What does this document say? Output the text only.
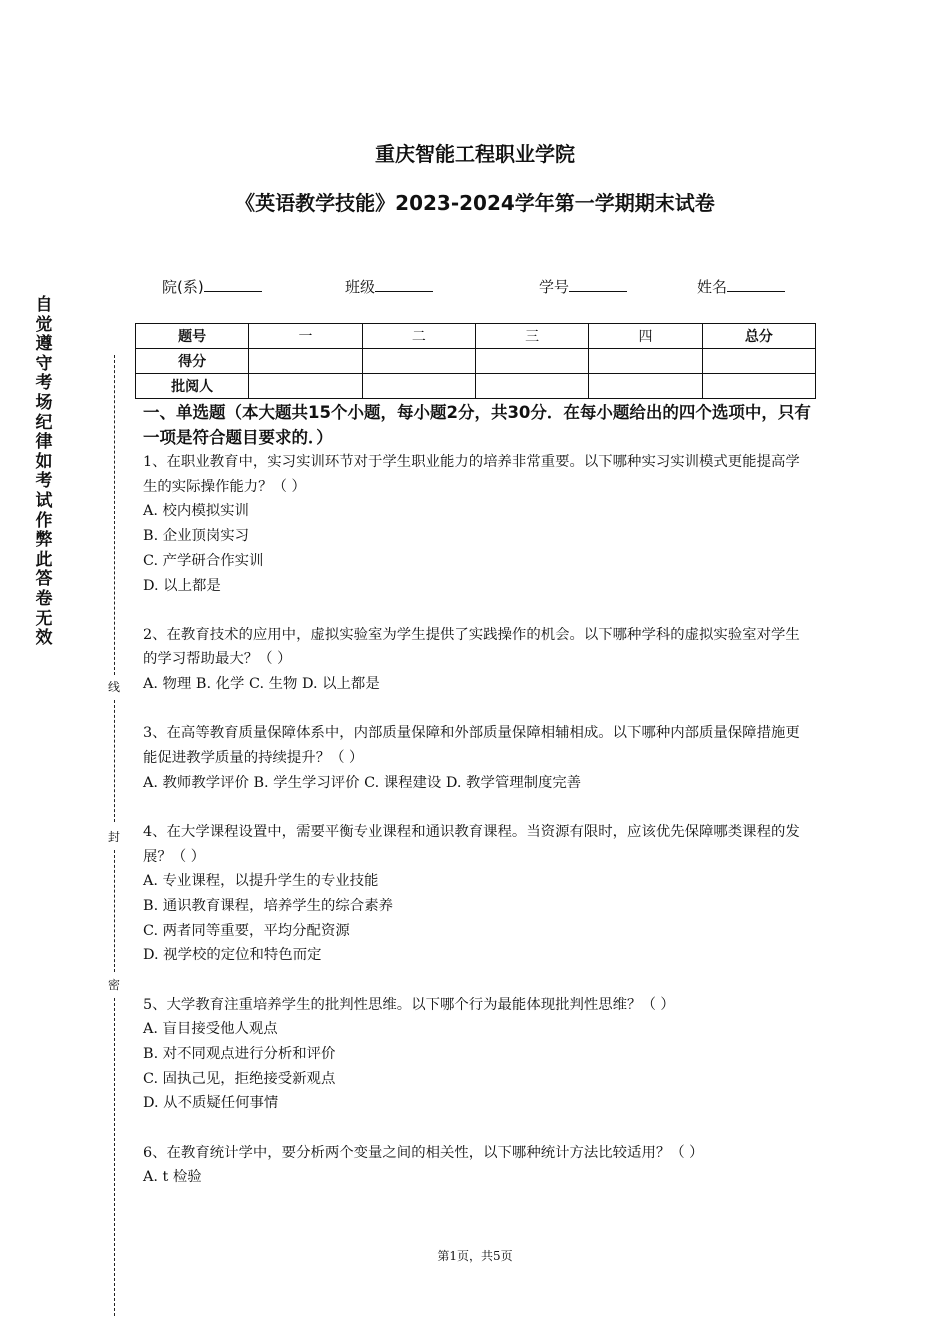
重庆智能工程职业学院
《英语教学技能》2023-2024学年第一学期期末试卷
院(系)	班级	学号	姓名
题号	一	二	三	四	总分
得分					
批阅人					
自觉遵守考场纪律如考试作弊此答卷无效
线
封
密
一、单选题（本大题共15个小题，每小题2分，共30分．在每小题给出的四个选项中，只有一项是符合题目要求的．）

1、在职业教育中，实习实训环节对于学生职业能力的培养非常重要。以下哪种实习实训模式更能提高学生的实际操作能力？（ ）

A. 校内模拟实训

B. 企业顶岗实习

C. 产学研合作实训

D. 以上都是

2、在教育技术的应用中，虚拟实验室为学生提供了实践操作的机会。以下哪种学科的虚拟实验室对学生的学习帮助最大？（ ）

A. 物理 B. 化学 C. 生物 D. 以上都是

3、在高等教育质量保障体系中，内部质量保障和外部质量保障相辅相成。以下哪种内部质量保障措施更能促进教学质量的持续提升？（ ）

A. 教师教学评价 B. 学生学习评价 C. 课程建设 D. 教学管理制度完善

4、在大学课程设置中，需要平衡专业课程和通识教育课程。当资源有限时，应该优先保障哪类课程的发展？（ ）

A. 专业课程，以提升学生的专业技能

B. 通识教育课程，培养学生的综合素养

C. 两者同等重要，平均分配资源

D. 视学校的定位和特色而定

5、大学教育注重培养学生的批判性思维。以下哪个行为最能体现批判性思维？（ ）

A. 盲目接受他人观点

B. 对不同观点进行分析和评价

C. 固执己见，拒绝接受新观点

D. 从不质疑任何事情

6、在教育统计学中，要分析两个变量之间的相关性，以下哪种统计方法比较适用？（ ）

A. t 检验

第1页，共5页
